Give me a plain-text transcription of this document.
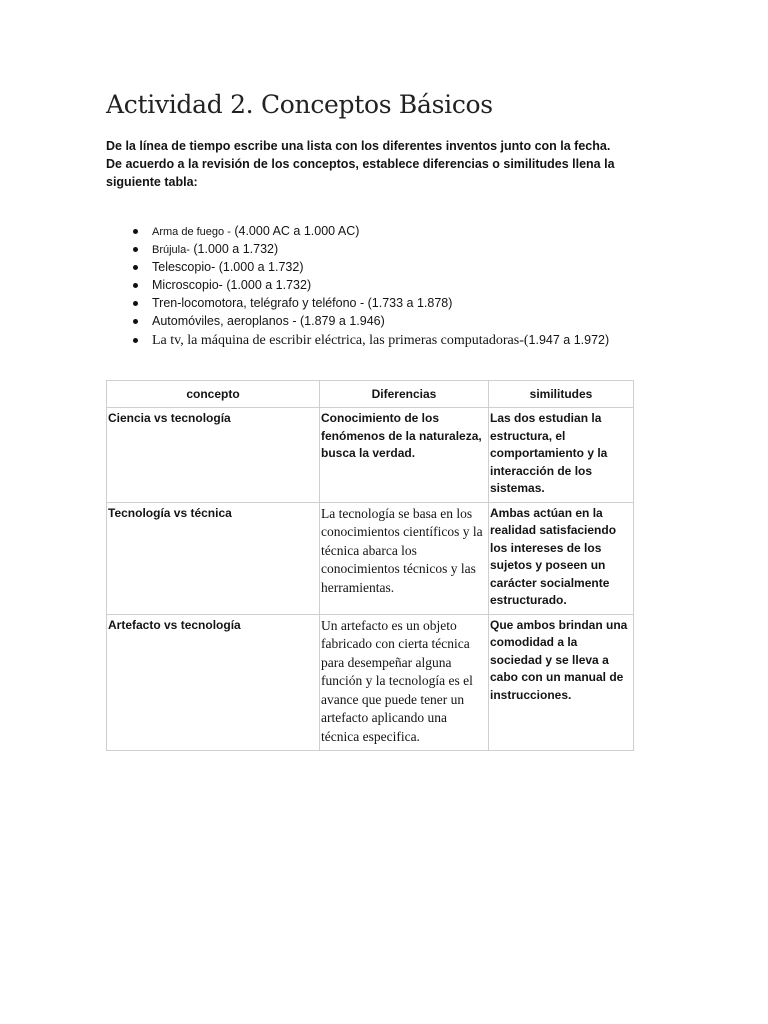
Actividad 2. Conceptos Básicos

De la línea de tiempo escribe una lista con los diferentes inventos junto con la fecha.

De acuerdo a la revisión de los conceptos, establece diferencias o similitudes llena la siguiente tabla:

Arma de fuego - (4.000 AC a 1.000 AC)
Brújula- (1.000 a 1.732)
Telescopio- (1.000 a 1.732)
Microscopio- (1.000 a 1.732)
Tren-locomotora, telégrafo y teléfono - (1.733 a 1.878)
Automóviles, aeroplanos - (1.879 a 1.946)
La tv, la máquina de escribir eléctrica, las primeras computadoras-(1.947 a 1.972)
concepto	Diferencias	similitudes
Ciencia vs tecnología	Conocimiento de los fenómenos de la naturaleza, busca la verdad.	Las dos estudian la estructura, el comportamiento y la interacción de los sistemas.
Tecnología vs técnica	La tecnología se basa en los conocimientos científicos y la técnica abarca los conocimientos técnicos y las herramientas.	Ambas actúan en la realidad satisfaciendo los intereses de los sujetos y poseen un carácter socialmente estructurado.
Artefacto vs tecnología	Un artefacto es un objeto fabricado con cierta técnica para desempeñar alguna función y la tecnología es el avance que puede tener un artefacto aplicando una técnica especifica.	Que ambos brindan una comodidad a la sociedad y se lleva a cabo con un manual de instrucciones.
